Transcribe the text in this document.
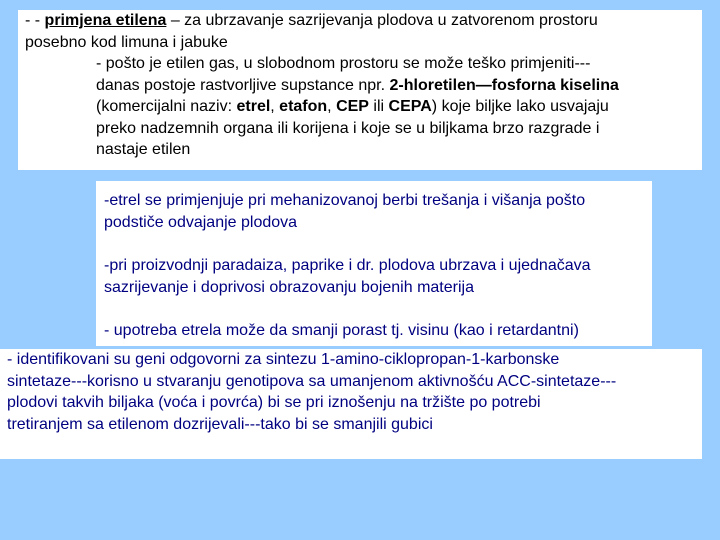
- - primjena etilena – za ubrzavanje sazrijevanja plodova u zatvorenom prostoru

posebno kod limuna i jabuke

- pošto je etilen gas, u slobodnom prostoru se može teško primjeniti---

danas postoje rastvorljive supstance npr. 2-hloretilen—fosforna kiselina

(komercijalni naziv: etrel, etafon, CEP ili CEPA) koje biljke lako usvajaju

preko nadzemnih organa ili korijena i koje se u biljkama brzo razgrade i

nastaje etilen

-etrel se primjenjuje pri mehanizovanoj berbi trešanja i višanja pošto

podstiče odvajanje plodova

-pri proizvodnji paradaiza, paprike i dr. plodova ubrzava i ujednačava

sazrijevanje i doprivosi obrazovanju bojenih materija

- upotreba etrela može da smanji porast tj. visinu (kao i retardantni)

- identifikovani su geni odgovorni za sintezu 1-amino-ciklopropan-1-karbonske

sintetaze---korisno u stvaranju genotipova sa umanjenom aktivnošću ACC-sintetaze---

plodovi takvih biljaka (voća i povrća) bi se pri iznošenju na tržište po potrebi

tretiranjem sa etilenom dozrijevali---tako bi se smanjili gubici
